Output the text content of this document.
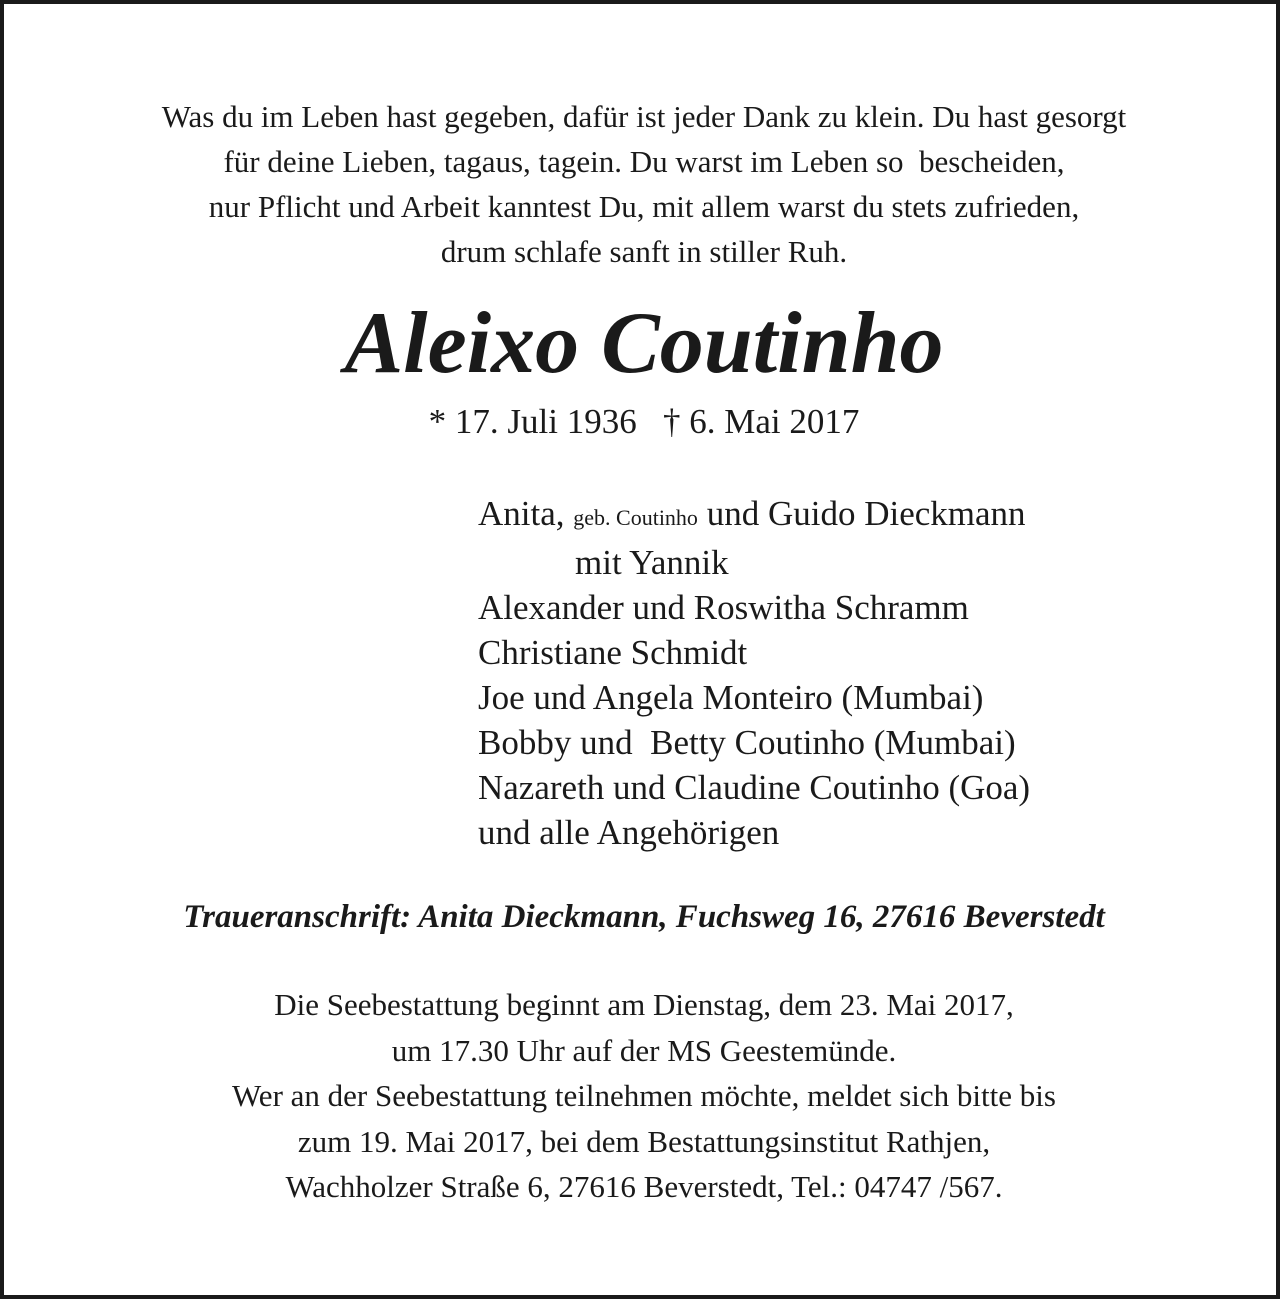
Was du im Leben hast gegeben, dafür ist jeder Dank zu klein. Du hast gesorgt
für deine Lieben, tagaus, tagein. Du warst im Leben so  bescheiden,
nur Pflicht und Arbeit kanntest Du, mit allem warst du stets zufrieden,
drum schlafe sanft in stiller Ruh.
Aleixo Coutinho
* 17. Juli 1936   † 6. Mai 2017
Anita, geb. Coutinho und Guido Dieckmann
mit Yannik
Alexander und Roswitha Schramm
Christiane Schmidt
Joe und Angela Monteiro (Mumbai)
Bobby und  Betty Coutinho (Mumbai)
Nazareth und Claudine Coutinho (Goa)
und alle Angehörigen
Traueranschrift: Anita Dieckmann, Fuchsweg 16, 27616 Beverstedt
Die Seebestattung beginnt am Dienstag, dem 23. Mai 2017,
um 17.30 Uhr auf der MS Geestemünde.
Wer an der Seebestattung teilnehmen möchte, meldet sich bitte bis
zum 19. Mai 2017, bei dem Bestattungsinstitut Rathjen,
Wachholzer Straße 6, 27616 Beverstedt, Tel.: 04747 /567.
